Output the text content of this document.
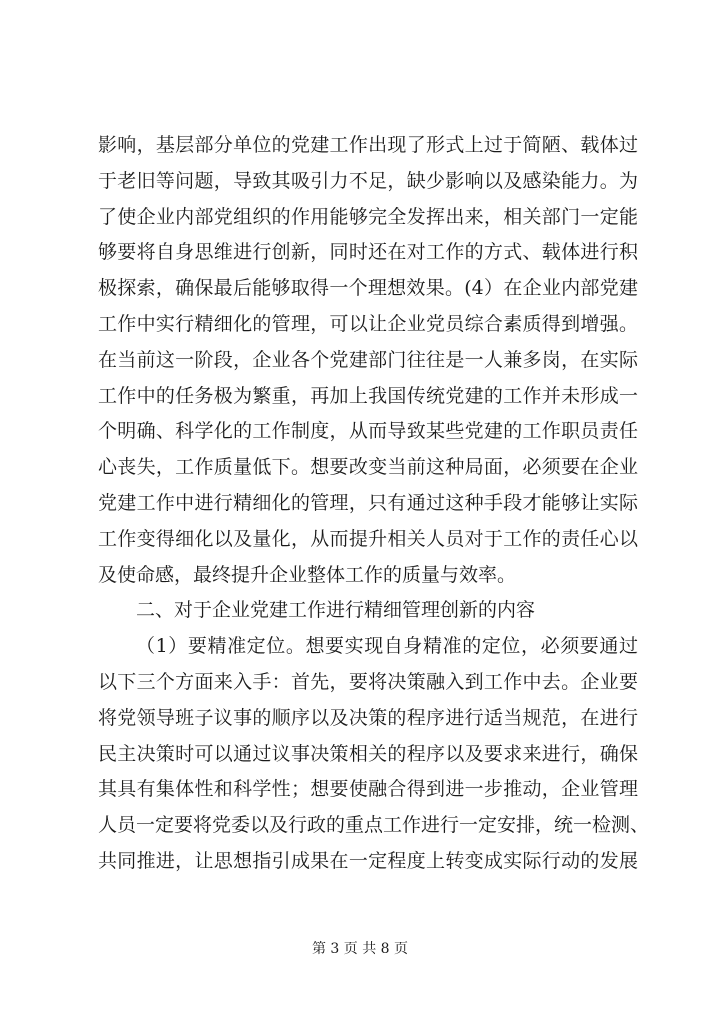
影响，基层部分单位的党建工作出现了形式上过于简陋、载体过
于老旧等问题，导致其吸引力不足，缺少影响以及感染能力。为
了使企业内部党组织的作用能够完全发挥出来，相关部门一定能
够要将自身思维进行创新，同时还在对工作的方式、载体进行积
极探索，确保最后能够取得一个理想效果。(4）在企业内部党建
工作中实行精细化的管理，可以让企业党员综合素质得到增强。
在当前这一阶段，企业各个党建部门往往是一人兼多岗，在实际
工作中的任务极为繁重，再加上我国传统党建的工作并未形成一
个明确、科学化的工作制度，从而导致某些党建的工作职员责任
心丧失，工作质量低下。想要改变当前这种局面，必须要在企业
党建工作中进行精细化的管理，只有通过这种手段才能够让实际
工作变得细化以及量化，从而提升相关人员对于工作的责任心以
及使命感，最终提升企业整体工作的质量与效率。
二、对于企业党建工作进行精细管理创新的内容
（1）要精准定位。想要实现自身精准的定位，必须要通过
以下三个方面来入手：首先，要将决策融入到工作中去。企业要
将党领导班子议事的顺序以及决策的程序进行适当规范，在进行
民主决策时可以通过议事决策相关的程序以及要求来进行，确保
其具有集体性和科学性；想要使融合得到进一步推动，企业管理
人员一定要将党委以及行政的重点工作进行一定安排，统一检测、
共同推进，让思想指引成果在一定程度上转变成实际行动的发展
第 3 页 共 8 页
